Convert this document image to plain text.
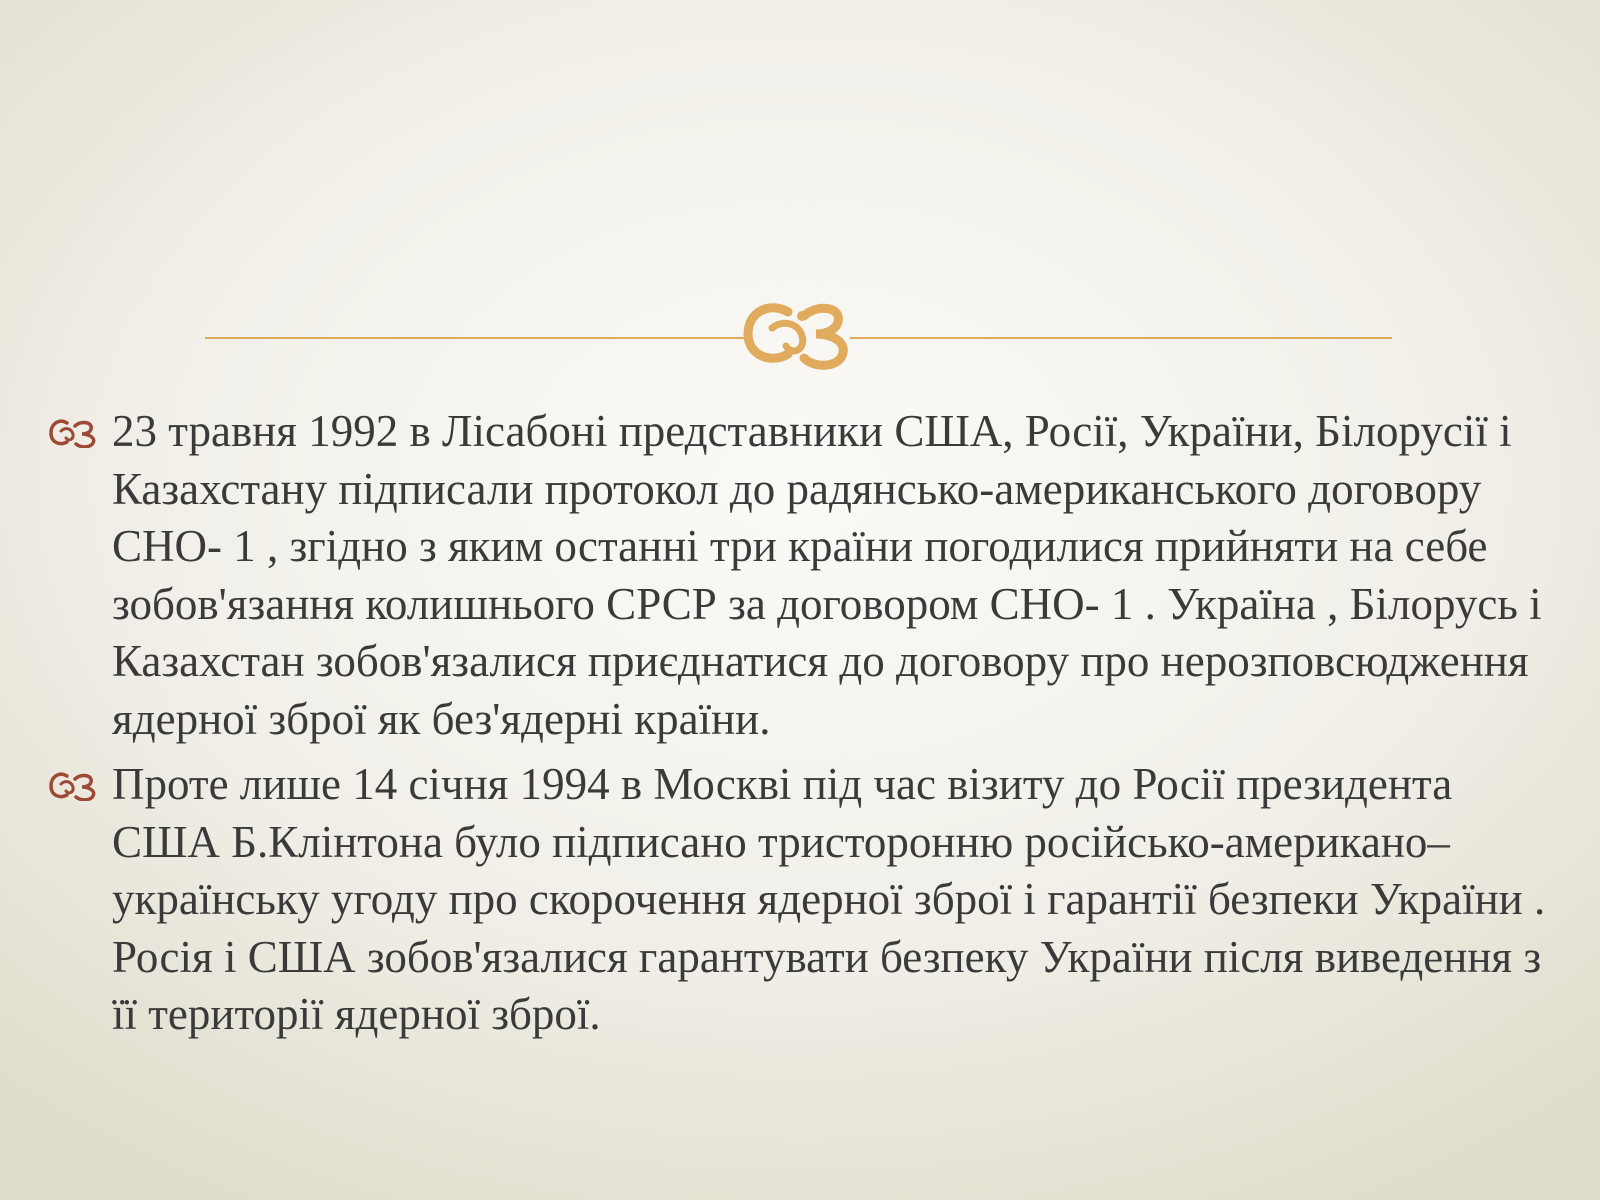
23 травня 1992 в Лісабоні представники США, Росії, України, Білорусії і Казахстану підписали протокол до радянсько-американського договору СНО- 1 , згідно з яким останні три країни погодилися прийняти на себе зобов'язання колишнього СРСР за договором СНО- 1 . Україна , Білорусь і Казахстан зобов'язалися приєднатися до договору про нерозповсюдження ядерної зброї як без'ядерні країни.
Проте лише 14 січня 1994 в Москві під час візиту до Росії президента США Б.Клінтона було підписано тристоронню російсько-американо–українську угоду про скорочення ядерної зброї і гарантії безпеки України . Росія і США зобов'язалися гарантувати безпеку України після виведення з її території ядерної зброї.
